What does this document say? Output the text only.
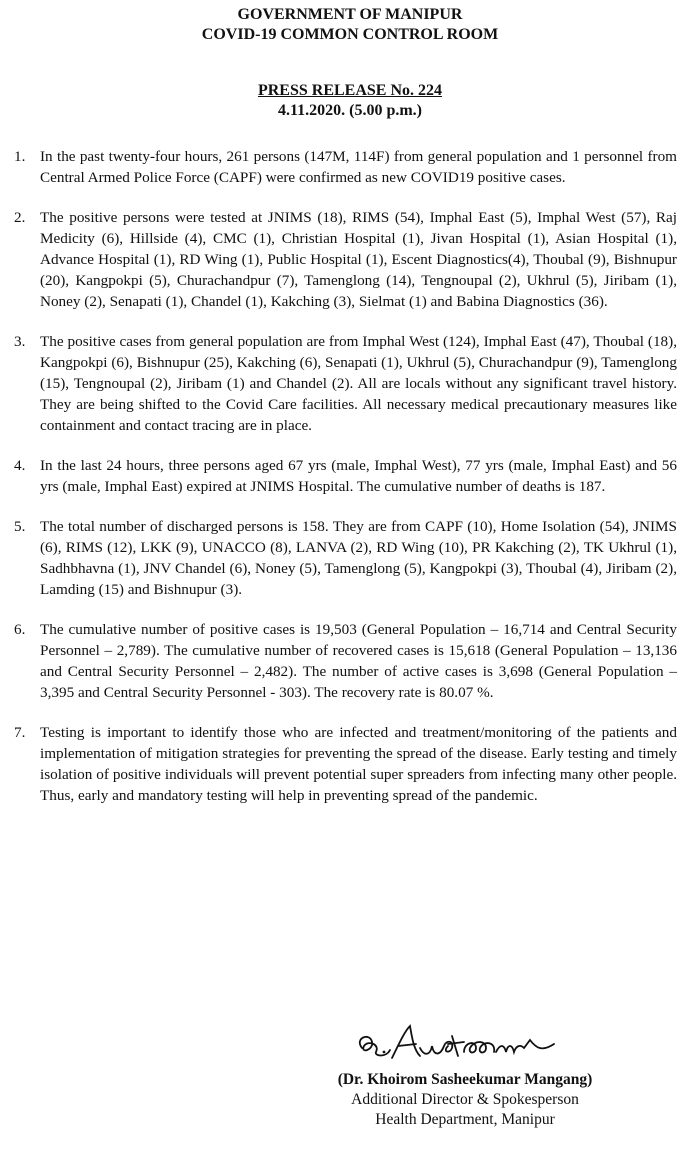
GOVERNMENT OF MANIPUR
COVID-19 COMMON CONTROL ROOM
PRESS RELEASE No. 224
4.11.2020. (5.00 p.m.)
1. In the past twenty-four hours, 261 persons (147M, 114F) from general population and 1 personnel from Central Armed Police Force (CAPF) were confirmed as new COVID19 positive cases.
2. The positive persons were tested at JNIMS (18), RIMS (54), Imphal East (5), Imphal West (57), Raj Medicity (6), Hillside (4), CMC (1), Christian Hospital (1), Jivan Hospital (1), Asian Hospital (1), Advance Hospital (1), RD Wing (1), Public Hospital (1), Escent Diagnostics(4), Thoubal (9), Bishnupur (20), Kangpokpi (5), Churachandpur (7), Tamenglong (14), Tengnoupal (2), Ukhrul (5), Jiribam (1), Noney (2), Senapati (1), Chandel (1), Kakching (3), Sielmat (1) and Babina Diagnostics (36).
3. The positive cases from general population are from Imphal West (124), Imphal East (47), Thoubal (18), Kangpokpi (6), Bishnupur (25), Kakching (6), Senapati (1), Ukhrul (5), Churachandpur (9), Tamenglong (15), Tengnoupal (2), Jiribam (1) and Chandel (2). All are locals without any significant travel history. They are being shifted to the Covid Care facilities. All necessary medical precautionary measures like containment and contact tracing are in place.
4. In the last 24 hours, three persons aged 67 yrs (male, Imphal West), 77 yrs (male, Imphal East) and 56 yrs (male, Imphal East) expired at JNIMS Hospital. The cumulative number of deaths is 187.
5. The total number of discharged persons is 158. They are from CAPF (10), Home Isolation (54), JNIMS (6), RIMS (12), LKK (9), UNACCO (8), LANVA (2), RD Wing (10), PR Kakching (2), TK Ukhrul (1), Sadhbhavna (1), JNV Chandel (6), Noney (5), Tamenglong (5), Kangpokpi (3), Thoubal (4), Jiribam (2), Lamding (15) and Bishnupur (3).
6. The cumulative number of positive cases is 19,503 (General Population – 16,714 and Central Security Personnel – 2,789). The cumulative number of recovered cases is 15,618 (General Population – 13,136 and Central Security Personnel – 2,482). The number of active cases is 3,698 (General Population – 3,395 and Central Security Personnel - 303). The recovery rate is 80.07 %.
7. Testing is important to identify those who are infected and treatment/monitoring of the patients and implementation of mitigation strategies for preventing the spread of the disease. Early testing and timely isolation of positive individuals will prevent potential super spreaders from infecting many other people. Thus, early and mandatory testing will help in preventing spread of the pandemic.
(Dr. Khoirom Sasheekumar Mangang)
Additional Director & Spokesperson
Health Department, Manipur
